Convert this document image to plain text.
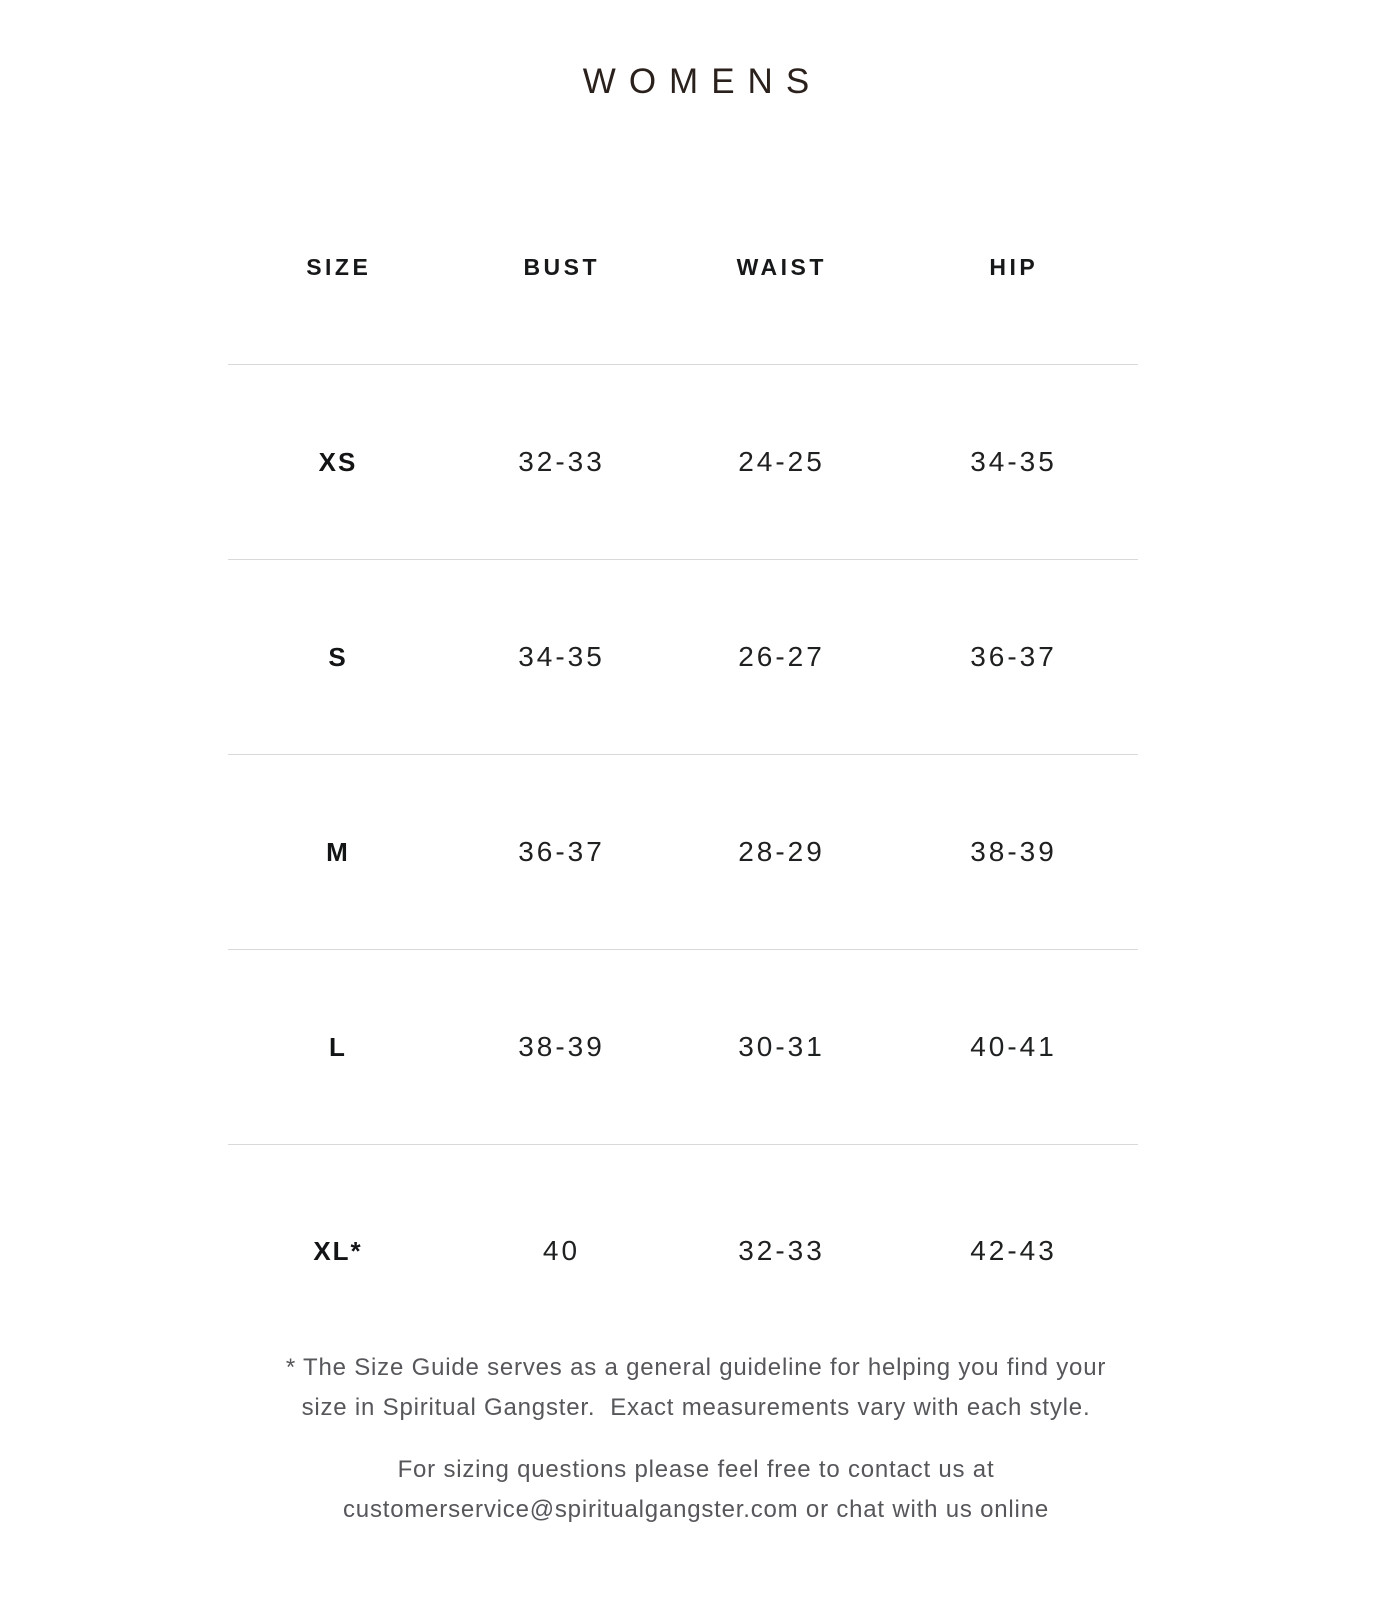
WOMENS
SIZE	BUST	WAIST	HIP
XS	32-33	24-25	34-35
S	34-35	26-27	36-37
M	36-37	28-29	38-39
L	38-39	30-31	40-41
XL*	40	32-33	42-43

* The Size Guide serves as a general guideline for helping you find your
size in Spiritual Gangster.  Exact measurements vary with each style.

For sizing questions please feel free to contact us at
customerservice@spiritualgangster.com or chat with us online
